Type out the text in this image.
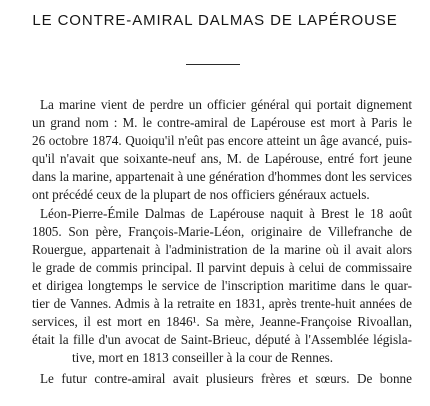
LE CONTRE-AMIRAL DALMAS DE LAPÉROUSE
La marine vient de perdre un officier général qui portait dignement
un grand nom : M. le contre-amiral de Lapérouse est mort à Paris le
26 octobre 1874. Quoiqu'il n'eût pas encore atteint un âge avancé, puis-
qu'il n'avait que soixante-neuf ans, M. de Lapérouse, entré fort jeune
dans la marine, appartenait à une génération d'hommes dont les services
ont précédé ceux de la plupart de nos officiers généraux actuels.
Léon-Pierre-Émile Dalmas de Lapérouse naquit à Brest le 18 août
1805. Son père, François-Marie-Léon, originaire de Villefranche de
Rouergue, appartenait à l'administration de la marine où il avait alors
le grade de commis principal. Il parvint depuis à celui de commissaire
et dirigea longtemps le service de l'inscription maritime dans le quar-
tier de Vannes. Admis à la retraite en 1831, après trente-huit années de
services, il est mort en 1846¹. Sa mère, Jeanne-Françoise Rivoallan,
était la fille d'un avocat de Saint-Brieuc, député à l'Assemblée législa-
tive, mort en 1813 conseiller à la cour de Rennes.
Le futur contre-amiral avait plusieurs frères et sœurs. De bonne
